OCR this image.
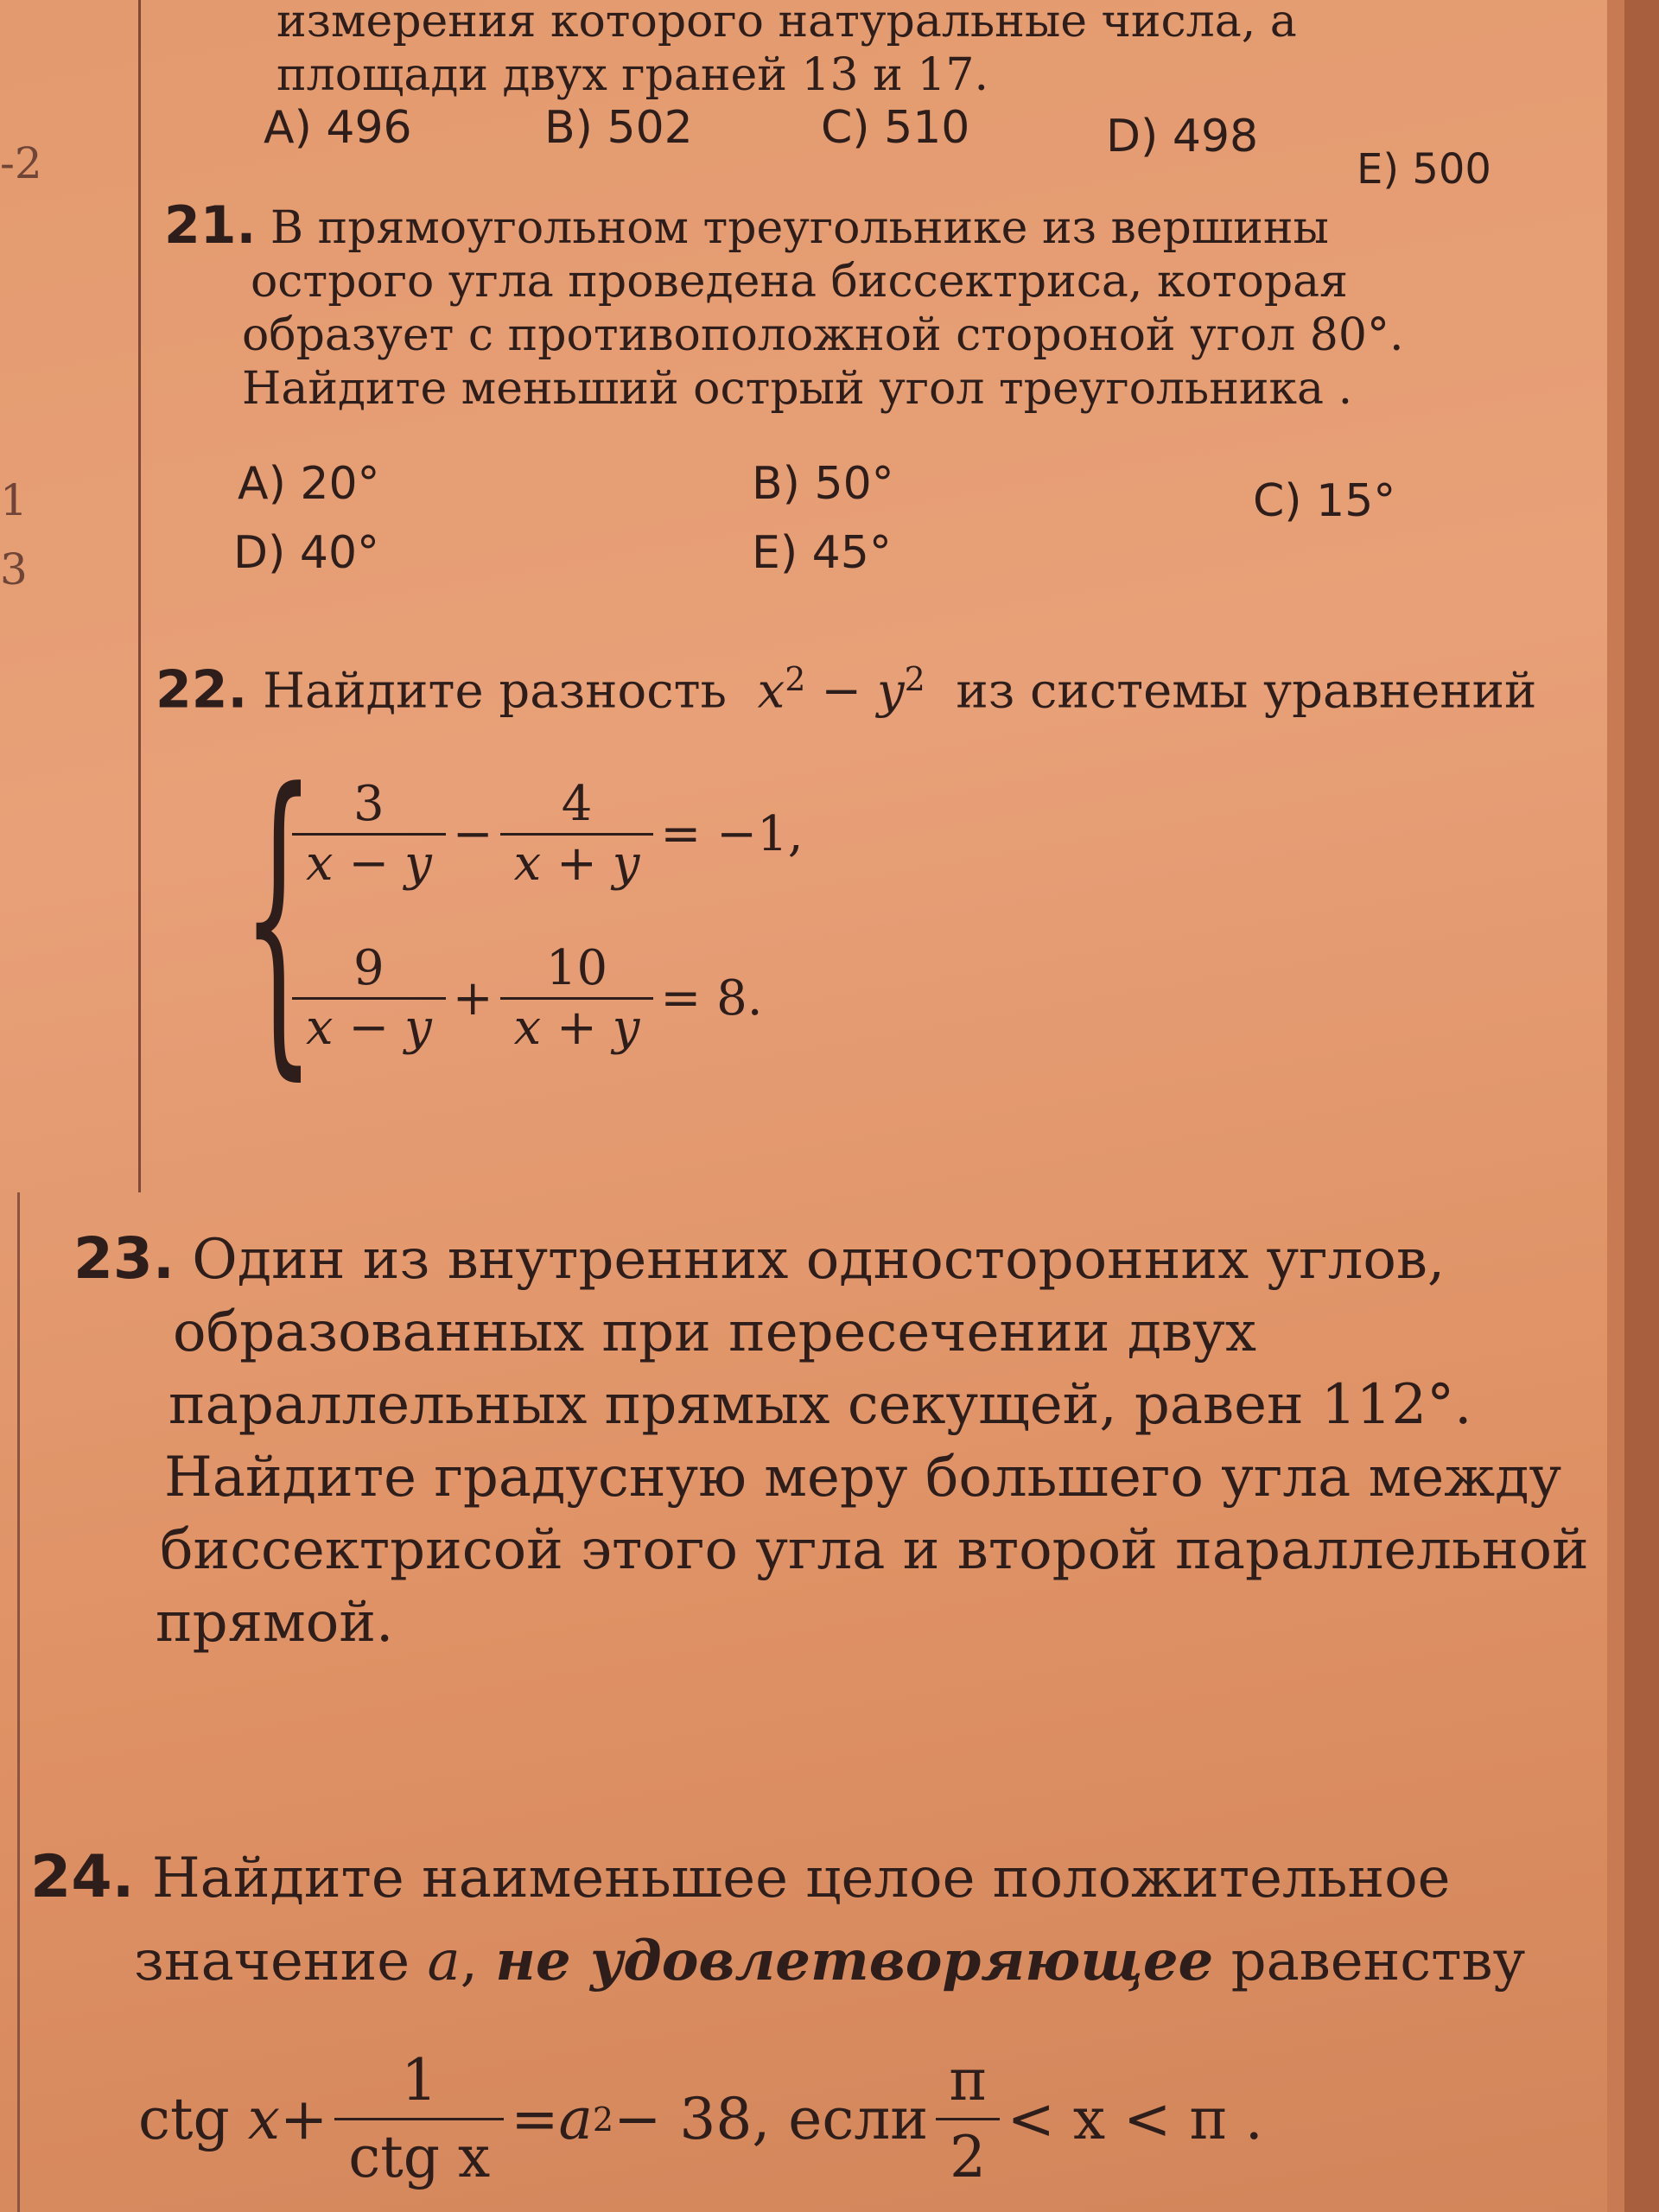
-2
1
3
измерения которого натуральные числа, а
площади двух граней 13 и 17.
A) 496	B) 502	C) 510	D) 498
E) 500
21. В прямоугольном треугольнике из вершины
острого угла проведена биссектриса, которая
образует с противоположной стороной угол 80°.
Найдите меньший острый угол треугольника .
A) 20°	B) 50°	C) 15°
D) 40°	E) 45°
22. Найдите разность $x^2 - y^2$ из системы уравнений
{
$\frac{3}{x - y} - \frac{4}{x + y} = -1$,
$\frac{9}{x - y} + \frac{10}{x + y} = 8$.
23. Один из внутренних односторонних углов,
образованных при пересечении двух
параллельных прямых секущей, равен 112°.
Найдите градусную меру большего угла между
биссектрисой этого угла и второй параллельной
прямой.
24. Найдите наименьшее целое положительное
значение a, не удовлетворяющее равенству
ctg
$x + \frac{1}{\text{ctg x}} = a$ 2 − 38 , если $\frac{\pi}{2} < x < \pi$ .
